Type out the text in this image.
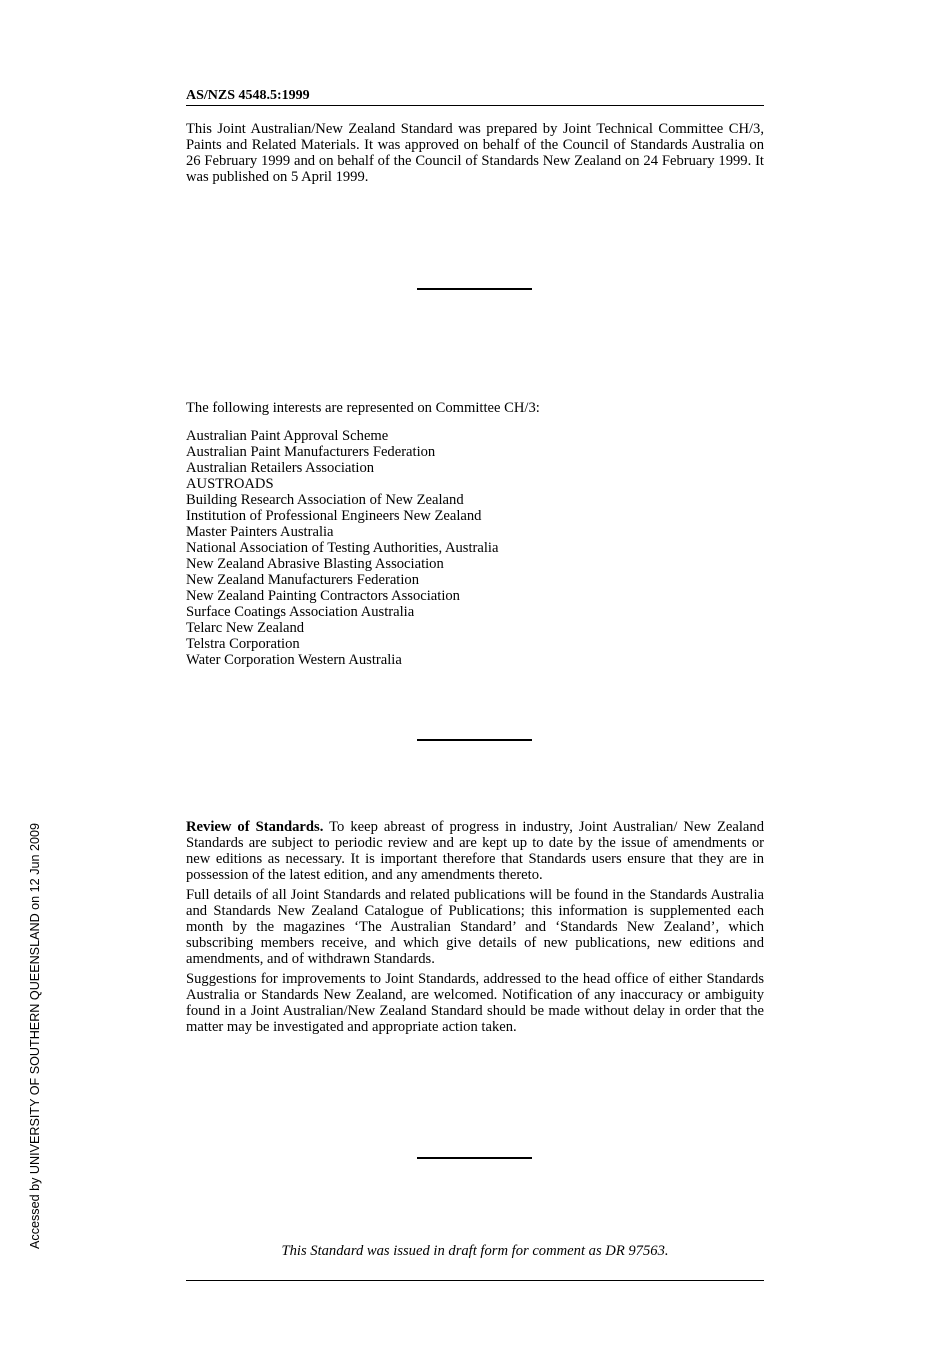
AS/NZS 4548.5:1999

This Joint Australian/New Zealand Standard was prepared by Joint Technical Committee CH/3, Paints and Related Materials. It was approved on behalf of the Council of Standards Australia on 26 February 1999 and on behalf of the Council of Standards New Zealand on 24 February 1999. It was published on 5 April 1999.

The following interests are represented on Committee CH/3:

Australian Paint Approval Scheme
Australian Paint Manufacturers Federation
Australian Retailers Association
AUSTROADS
Building Research Association of New Zealand
Institution of Professional Engineers New Zealand
Master Painters Australia
National Association of Testing Authorities, Australia
New Zealand Abrasive Blasting Association
New Zealand Manufacturers Federation
New Zealand Painting Contractors Association
Surface Coatings Association Australia
Telarc New Zealand
Telstra Corporation
Water Corporation Western Australia

Review of Standards. To keep abreast of progress in industry, Joint Australian/ New Zealand Standards are subject to periodic review and are kept up to date by the issue of amendments or new editions as necessary. It is important therefore that Standards users ensure that they are in possession of the latest edition, and any amendments thereto.

Full details of all Joint Standards and related publications will be found in the Standards Australia and Standards New Zealand Catalogue of Publications; this information is supplemented each month by the magazines ‘The Australian Standard’ and ‘Standards New Zealand’, which subscribing members receive, and which give details of new publications, new editions and amendments, and of withdrawn Standards.

Suggestions for improvements to Joint Standards, addressed to the head office of either Standards Australia or Standards New Zealand, are welcomed. Notification of any inaccuracy or ambiguity found in a Joint Australian/New Zealand Standard should be made without delay in order that the matter may be investigated and appropriate action taken.

This Standard was issued in draft form for comment as DR 97563.

Accessed by UNIVERSITY OF SOUTHERN QUEENSLAND on 12 Jun 2009
